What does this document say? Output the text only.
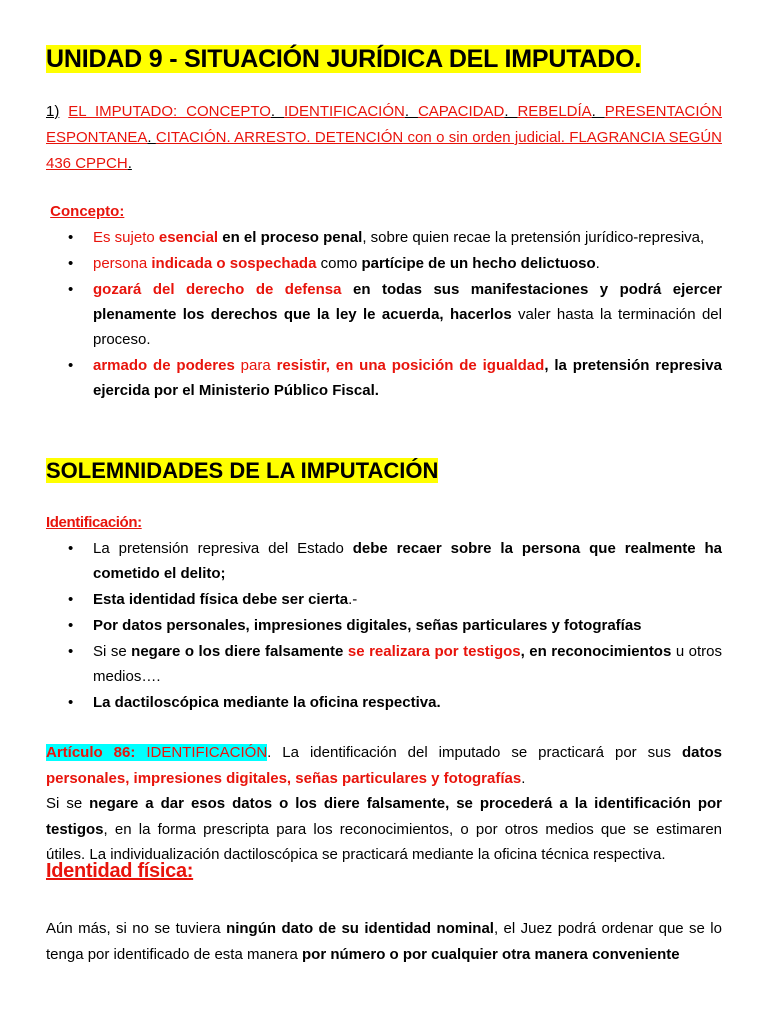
UNIDAD 9 - SITUACIÓN JURÍDICA DEL IMPUTADO.
1) EL IMPUTADO: CONCEPTO. IDENTIFICACIÓN. CAPACIDAD. REBELDÍA. PRESENTACIÓN ESPONTANEA. CITACIÓN. ARRESTO. DETENCIÓN con o sin orden judicial. FLAGRANCIA SEGÚN 436 CPPCH.
Concepto:
• Es sujeto esencial en el proceso penal, sobre quien recae la pretensión jurídico-represiva,
• persona indicada o sospechada como partícipe de un hecho delictuoso.
• gozará del derecho de defensa en todas sus manifestaciones y podrá ejercer plenamente los derechos que la ley le acuerda, hacerlos valer hasta la terminación del proceso.
• armado de poderes para resistir, en una posición de igualdad, la pretensión represiva ejercida por el Ministerio Público Fiscal.
SOLEMNIDADES DE LA IMPUTACIÓN
Identificación:
• La pretensión represiva del Estado debe recaer sobre la persona que realmente ha cometido el delito;
• Esta identidad física debe ser cierta.-
• Por datos personales, impresiones digitales, señas particulares y fotografías
• Si se negare o los diere falsamente se realizara por testigos, en reconocimientos u otros medios….
• La dactiloscópica mediante la oficina respectiva.
Artículo 86: IDENTIFICACIÓN. La identificación del imputado se practicará por sus datos personales, impresiones digitales, señas particulares y fotografías.
Si se negare a dar esos datos o los diere falsamente, se procederá a la identificación por testigos, en la forma prescripta para los reconocimientos, o por otros medios que se estimaren útiles. La individualización dactiloscópica se practicará mediante la oficina técnica respectiva.
Identidad física:
Aún más, si no se tuviera ningún dato de su identidad nominal, el Juez podrá ordenar que se lo tenga por identificado de esta manera por número o por cualquier otra manera conveniente
